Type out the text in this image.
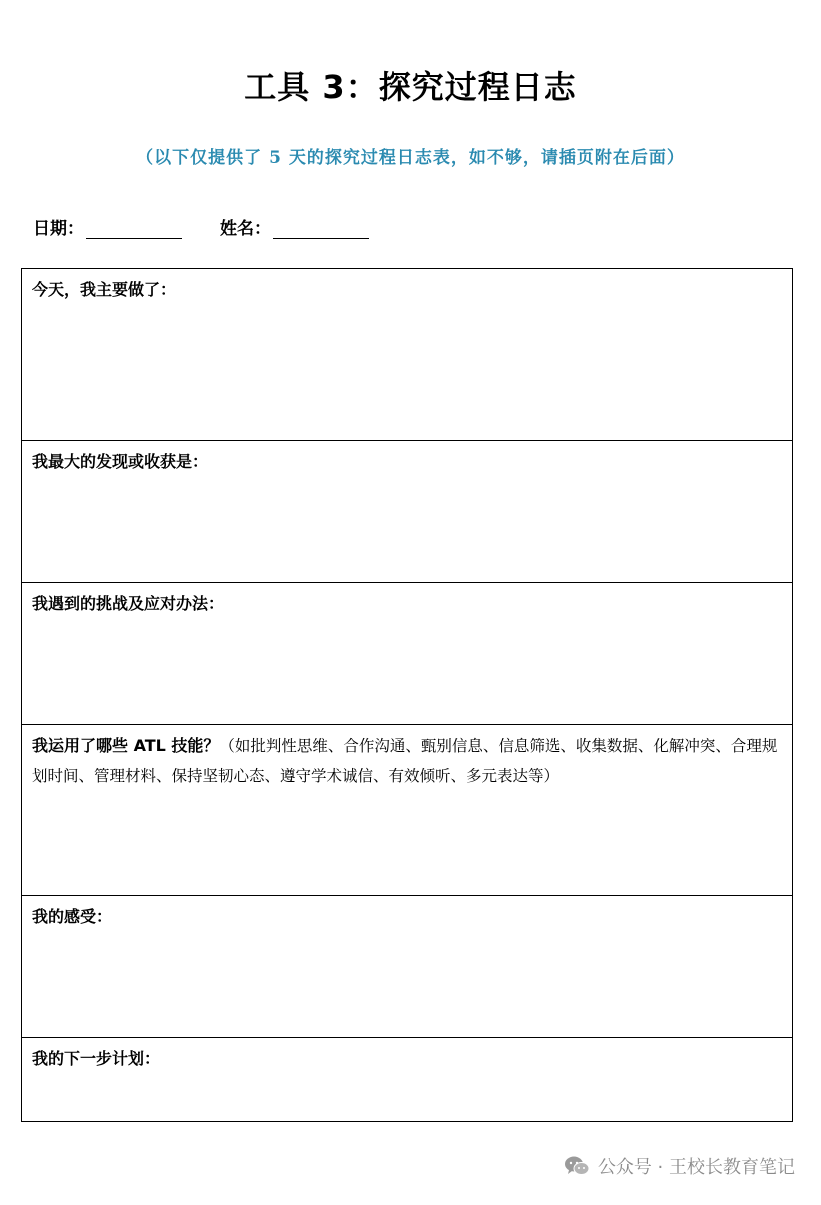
工具 3：探究过程日志
（以下仅提供了 5 天的探究过程日志表，如不够，请插页附在后面）
日期：	姓名：
今天，我主要做了：
我最大的发现或收获是：
我遇到的挑战及应对办法：
我运用了哪些 ATL 技能？（如批判性思维、合作沟通、甄别信息、信息筛选、收集数据、化解冲突、合理规划时间、管理材料、保持坚韧心态、遵守学术诚信、有效倾听、多元表达等）
我的感受：
我的下一步计划：
公众号 · 王校长教育笔记
